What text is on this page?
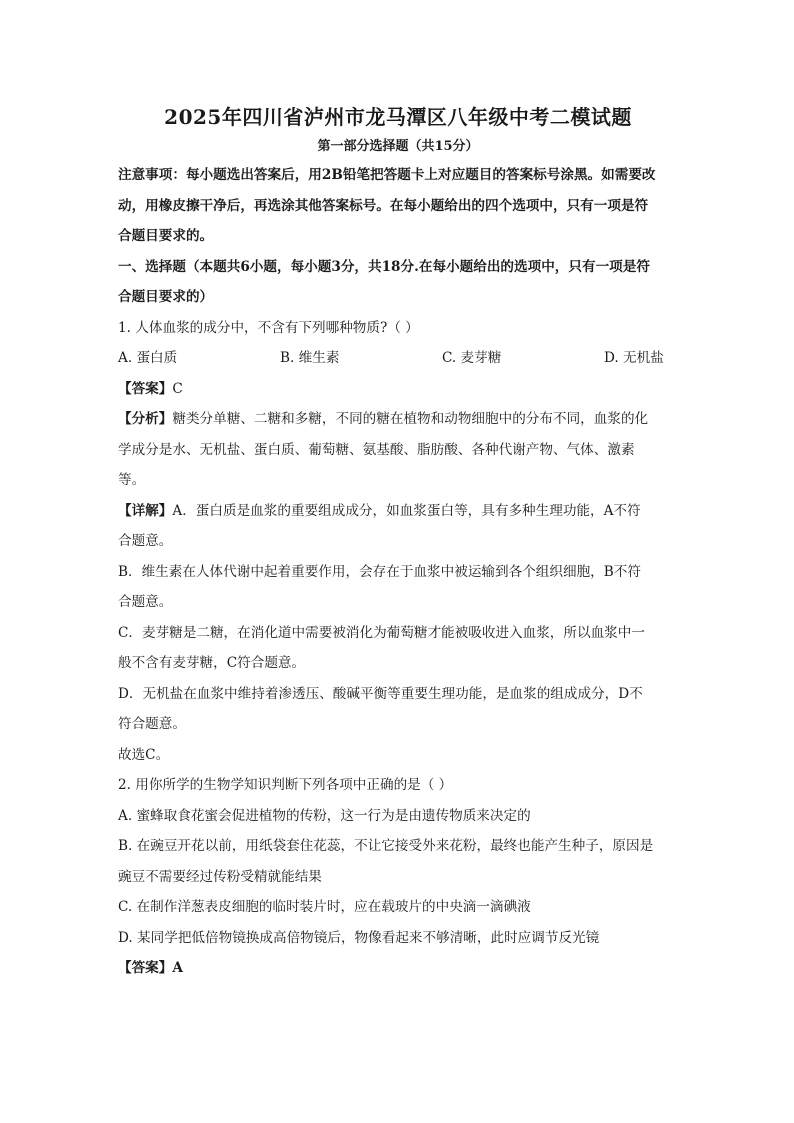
2025年四川省泸州市龙马潭区八年级中考二模试题
第一部分选择题（共15分）

注意事项：每小题选出答案后，用2B铅笔把答题卡上对应题目的答案标号涂黑。如需要改

动，用橡皮擦干净后，再选涂其他答案标号。在每小题给出的四个选项中，只有一项是符

合题目要求的。

一、选择题（本题共6小题，每小题3分，共18分.在每小题给出的选项中，只有一项是符

合题目要求的）

1. 人体血浆的成分中，不含有下列哪种物质?（ ）

A. 蛋白质	B. 维生素	C. 麦芽糖	D. 无机盐

【答案】C

【分析】糖类分单糖、二糖和多糖，不同的糖在植物和动物细胞中的分布不同，血浆的化

学成分是水、无机盐、蛋白质、葡萄糖、氨基酸、脂肪酸、各种代谢产物、气体、激素

等。

【详解】A．蛋白质是血浆的重要组成成分，如血浆蛋白等，具有多种生理功能，A不符

合题意。

B．维生素在人体代谢中起着重要作用，会存在于血浆中被运输到各个组织细胞，B不符

合题意。

C．麦芽糖是二糖，在消化道中需要被消化为葡萄糖才能被吸收进入血浆，所以血浆中一

般不含有麦芽糖，C符合题意。

D．无机盐在血浆中维持着渗透压、酸碱平衡等重要生理功能，是血浆的组成成分，D不

符合题意。

故选C。

2. 用你所学的生物学知识判断下列各项中正确的是（ ）

A. 蜜蜂取食花蜜会促进植物的传粉，这一行为是由遗传物质来决定的

B. 在豌豆开花以前，用纸袋套住花蕊，不让它接受外来花粉，最终也能产生种子，原因是

豌豆不需要经过传粉受精就能结果

C. 在制作洋葱表皮细胞的临时装片时，应在载玻片的中央滴一滴碘液

D. 某同学把低倍物镜换成高倍物镜后，物像看起来不够清晰，此时应调节反光镜

【答案】A
